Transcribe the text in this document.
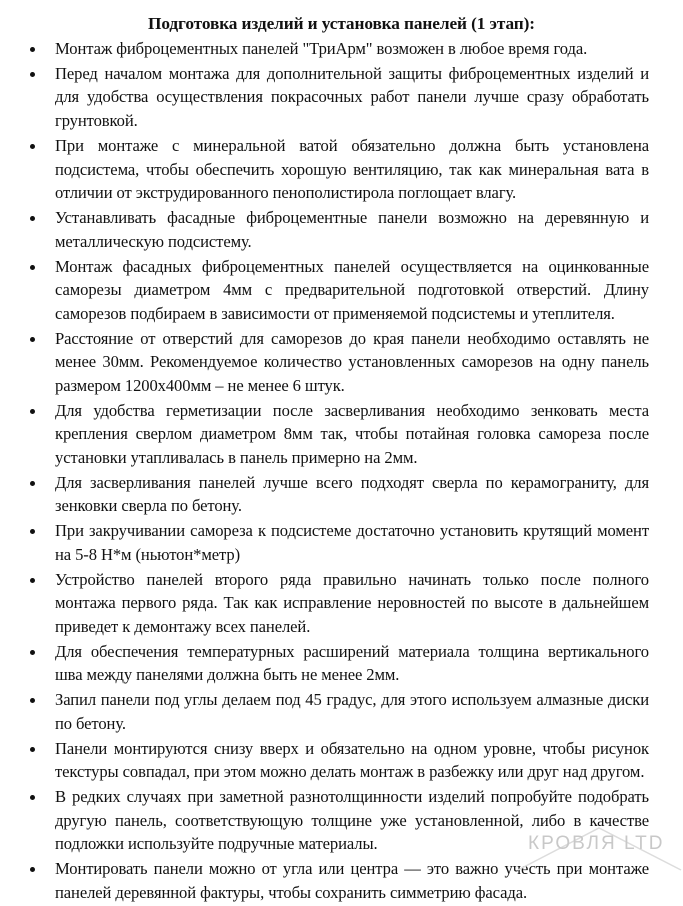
Подготовка изделий и установка панелей (1 этап):
Монтаж фиброцементных панелей "ТриАрм" возможен в любое время года.
Перед началом монтажа для дополнительной защиты фиброцементных изделий и для удобства осуществления покрасочных работ панели лучше сразу обработать грунтовкой.
При монтаже с минеральной ватой обязательно должна быть установлена подсистема, чтобы обеспечить хорошую вентиляцию, так как минеральная вата в отличии от экструдированного пенополистирола поглощает влагу.
Устанавливать фасадные фиброцементные панели возможно на деревянную и металлическую подсистему.
Монтаж фасадных фиброцементных панелей осуществляется на оцинкованные саморезы диаметром 4мм с предварительной подготовкой отверстий. Длину саморезов подбираем в зависимости от применяемой подсистемы и утеплителя.
Расстояние от отверстий для саморезов до края панели необходимо оставлять не менее 30мм. Рекомендуемое количество установленных саморезов на одну панель размером 1200х400мм – не менее 6 штук.
Для удобства герметизации после засверливания необходимо зенковать места крепления сверлом диаметром 8мм так, чтобы потайная головка самореза после установки утапливалась в панель примерно на 2мм.
Для засверливания панелей лучше всего подходят сверла по керамограниту, для зенковки сверла по бетону.
При закручивании самореза к подсистеме достаточно установить крутящий момент на 5-8 Н*м (ньютон*метр)
Устройство панелей второго ряда правильно начинать только после полного монтажа первого ряда. Так как исправление неровностей по высоте в дальнейшем приведет к демонтажу всех панелей.
Для обеспечения температурных расширений материала толщина вертикального шва между панелями должна быть не менее 2мм.
Запил панели под углы делаем под 45 градус, для этого используем алмазные диски по бетону.
Панели монтируются снизу вверх и обязательно на одном уровне, чтобы рисунок текстуры совпадал, при этом можно делать монтаж в разбежку или друг над другом.
В редких случаях при заметной разнотолщинности изделий попробуйте подобрать другую панель, соответствующую толщине уже установленной, либо в качестве подложки используйте подручные материалы.
Монтировать панели можно от угла или центра — это важно учесть при монтаже панелей деревянной фактуры, чтобы сохранить симметрию фасада.
КРОВЛЯ LTD
